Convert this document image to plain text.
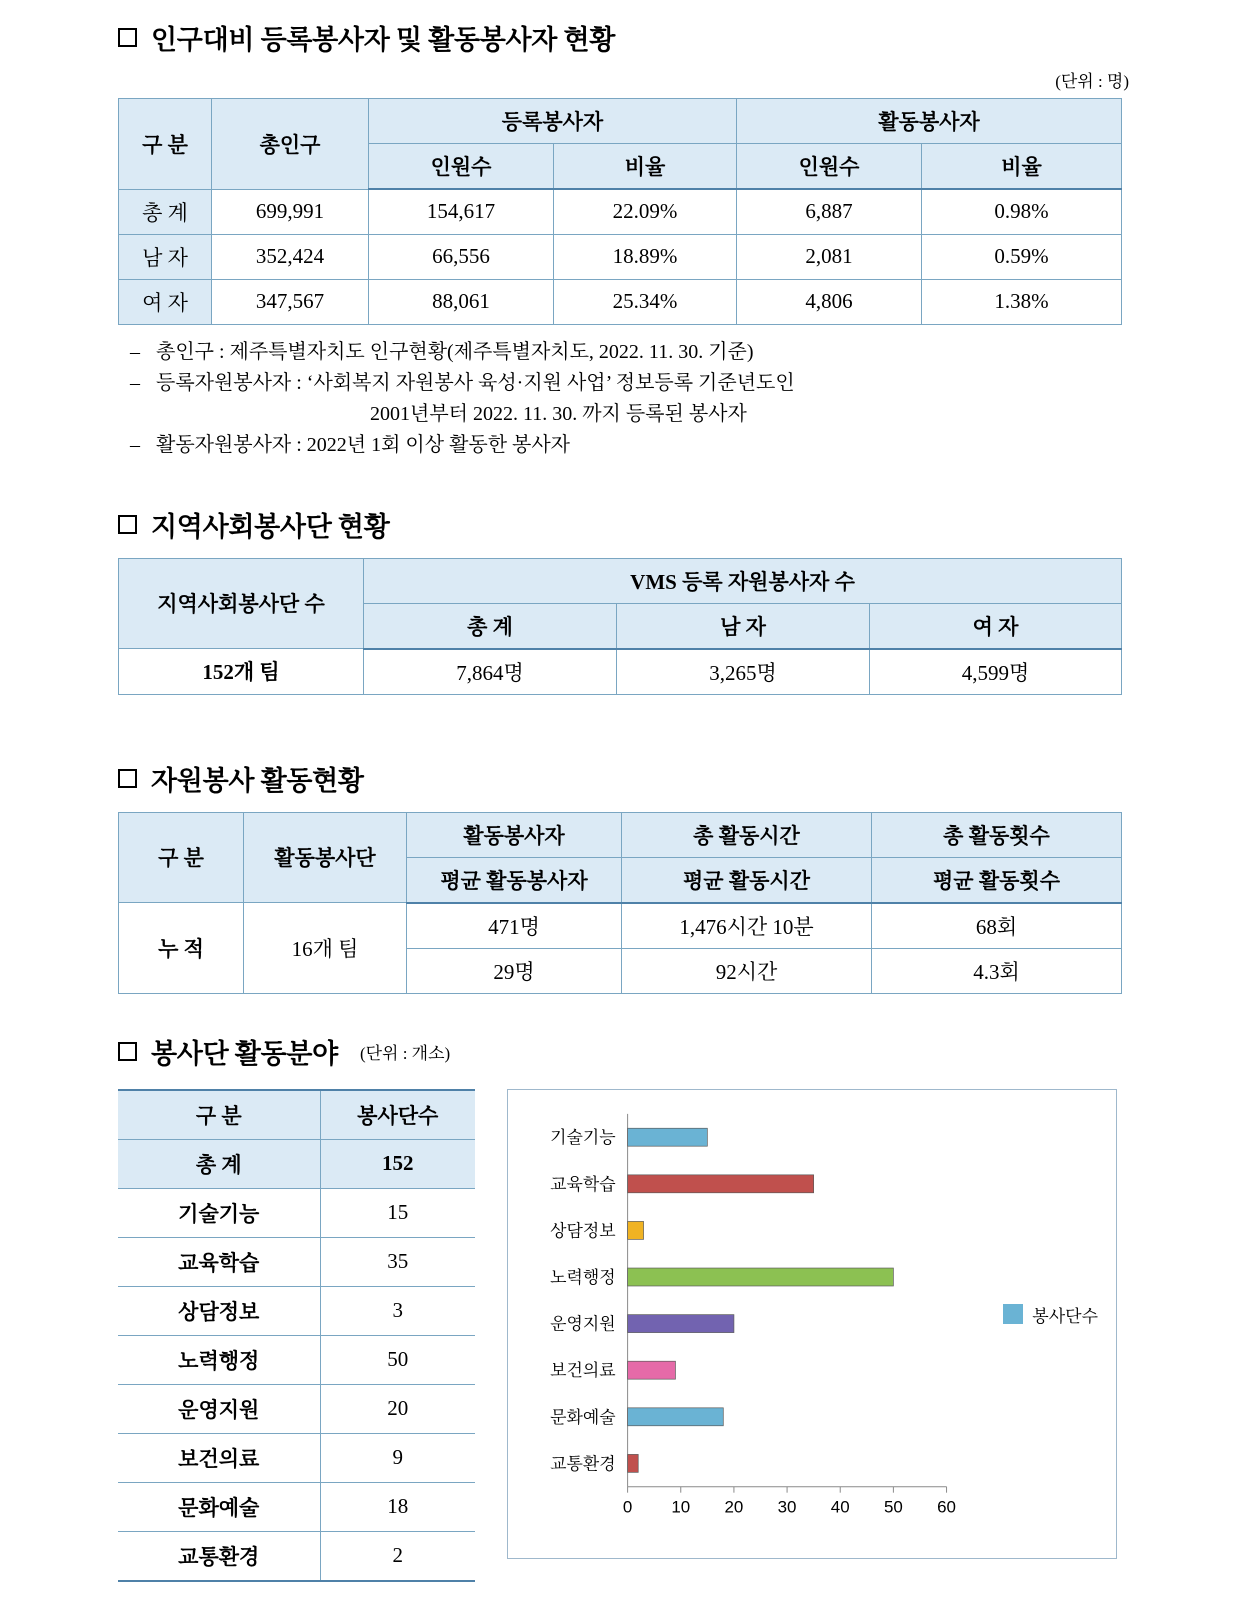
인구대비 등록봉사자 및 활동봉사자 현황
(단위 : 명)
구 분	총인구	등록봉사자		활동봉사자	
		인원수	비율	인원수	비율
총 계	699,991	154,617	22.09%	6,887	0.98%
남 자	352,424	66,556	18.89%	2,081	0.59%
여 자	347,567	88,061	25.34%	4,806	1.38%
– 총인구 : 제주특별자치도 인구현황(제주특별자치도, 2022. 11. 30. 기준)
– 등록자원봉사자 : ‘사회복지 자원봉사 육성·지원 사업’ 정보등록 기준년도인
2001년부터 2022. 11. 30. 까지 등록된 봉사자
– 활동자원봉사자 : 2022년 1회 이상 활동한 봉사자
지역사회봉사단 현황
지역사회봉사단 수	VMS 등록 자원봉사자 수		
	총 계	남 자	여 자
152개 팀	7,864명	3,265명	4,599명
자원봉사 활동현황
구 분	활동봉사단	활동봉사자	총 활동시간	총 활동횟수
		평균 활동봉사자	평균 활동시간	평균 활동횟수
누 적	16개 팀	471명	1,476시간 10분	68회
		29명	92시간	4.3회
봉사단 활동분야	(단위 : 개소)
구 분	봉사단수
총 계	152
기술기능	15
교육학습	35
상담정보	3
노력행정	50
운영지원	20
보건의료	9
문화예술	18
교통환경	2
0 10 20 30 40 50 60
기술기능
교육학습
상담정보
노력행정
운영지원
보건의료
문화예술
교통환경
봉사단수
